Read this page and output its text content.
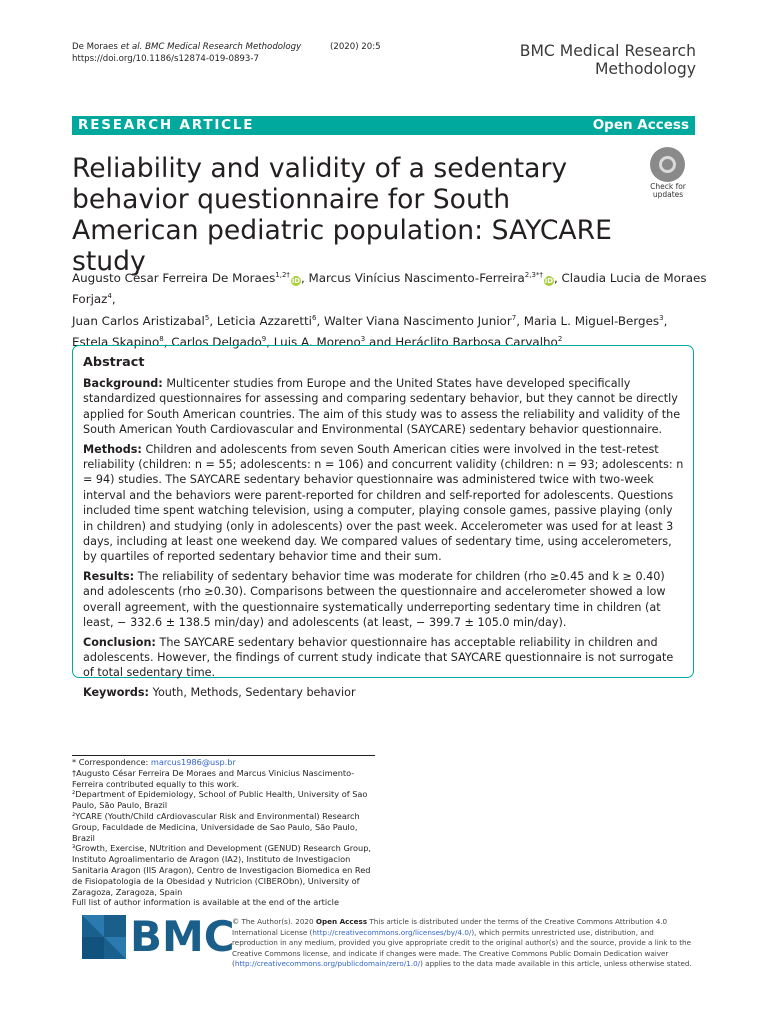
De Moraes et al. BMC Medical Research Methodology
https://doi.org/10.1186/s12874-019-0893-7
(2020) 20:5	BMC Medical Research
Methodology
RESEARCH ARTICLE	Open Access
Reliability and validity of a sedentary behavior questionnaire for South American pediatric population: SAYCARE study
Check for
updates
Augusto César Ferreira De Moraes$^{1,2\dagger}$iD, Marcus Vinícius Nascimento-Ferreira$^{2,3*\dagger}$iD, Claudia Lucia de Moraes Forjaz$^4$,
Juan Carlos Aristizabal$^5$, Leticia Azzaretti$^6$, Walter Viana Nascimento Junior$^7$, Maria L. Miguel-Berges$^3$,
Estela Skapino$^8$, Carlos Delgado$^9$, Luis A. Moreno$^3$ and Heráclito Barbosa Carvalho$^2$
Abstract

Background: Multicenter studies from Europe and the United States have developed specifically standardized questionnaires for assessing and comparing sedentary behavior, but they cannot be directly applied for South American countries. The aim of this study was to assess the reliability and validity of the South American Youth Cardiovascular and Environmental (SAYCARE) sedentary behavior questionnaire.

Methods: Children and adolescents from seven South American cities were involved in the test-retest reliability (children: n = 55; adolescents: n = 106) and concurrent validity (children: n = 93; adolescents: n = 94) studies. The SAYCARE sedentary behavior questionnaire was administered twice with two-week interval and the behaviors were parent-reported for children and self-reported for adolescents. Questions included time spent watching television, using a computer, playing console games, passive playing (only in children) and studying (only in adolescents) over the past week. Accelerometer was used for at least 3 days, including at least one weekend day. We compared values of sedentary time, using accelerometers, by quartiles of reported sedentary behavior time and their sum.

Results: The reliability of sedentary behavior time was moderate for children (rho ≥0.45 and k ≥ 0.40) and adolescents (rho ≥0.30). Comparisons between the questionnaire and accelerometer showed a low overall agreement, with the questionnaire systematically underreporting sedentary time in children (at least, − 332.6 ± 138.5 min/day) and adolescents (at least, − 399.7 ± 105.0 min/day).

Conclusion: The SAYCARE sedentary behavior questionnaire has acceptable reliability in children and adolescents. However, the findings of current study indicate that SAYCARE questionnaire is not surrogate of total sedentary time.

Keywords: Youth, Methods, Sedentary behavior

* Correspondence: marcus1986@usp.br
†Augusto César Ferreira De Moraes and Marcus Vinicius Nascimento-Ferreira contributed equally to this work.
²Department of Epidemiology, School of Public Health, University of Sao Paulo, São Paulo, Brazil
²YCARE (Youth/Child cArdiovascular Risk and Environmental) Research Group, Faculdade de Medicina, Universidade de Sao Paulo, São Paulo, Brazil
³Growth, Exercise, NUtrition and Development (GENUD) Research Group, Instituto Agroalimentario de Aragon (IA2), Instituto de Investigacion Sanitaria Aragon (IIS Aragon), Centro de Investigacion Biomedica en Red de Fisiopatologia de la Obesidad y Nutricion (CIBERObn), University of Zaragoza, Zaragoza, Spain
Full list of author information is available at the end of the article
BMC
© The Author(s). 2020 Open Access This article is distributed under the terms of the Creative Commons Attribution 4.0 International License (http://creativecommons.org/licenses/by/4.0/), which permits unrestricted use, distribution, and reproduction in any medium, provided you give appropriate credit to the original author(s) and the source, provide a link to the Creative Commons license, and indicate if changes were made. The Creative Commons Public Domain Dedication waiver (http://creativecommons.org/publicdomain/zero/1.0/) applies to the data made available in this article, unless otherwise stated.
